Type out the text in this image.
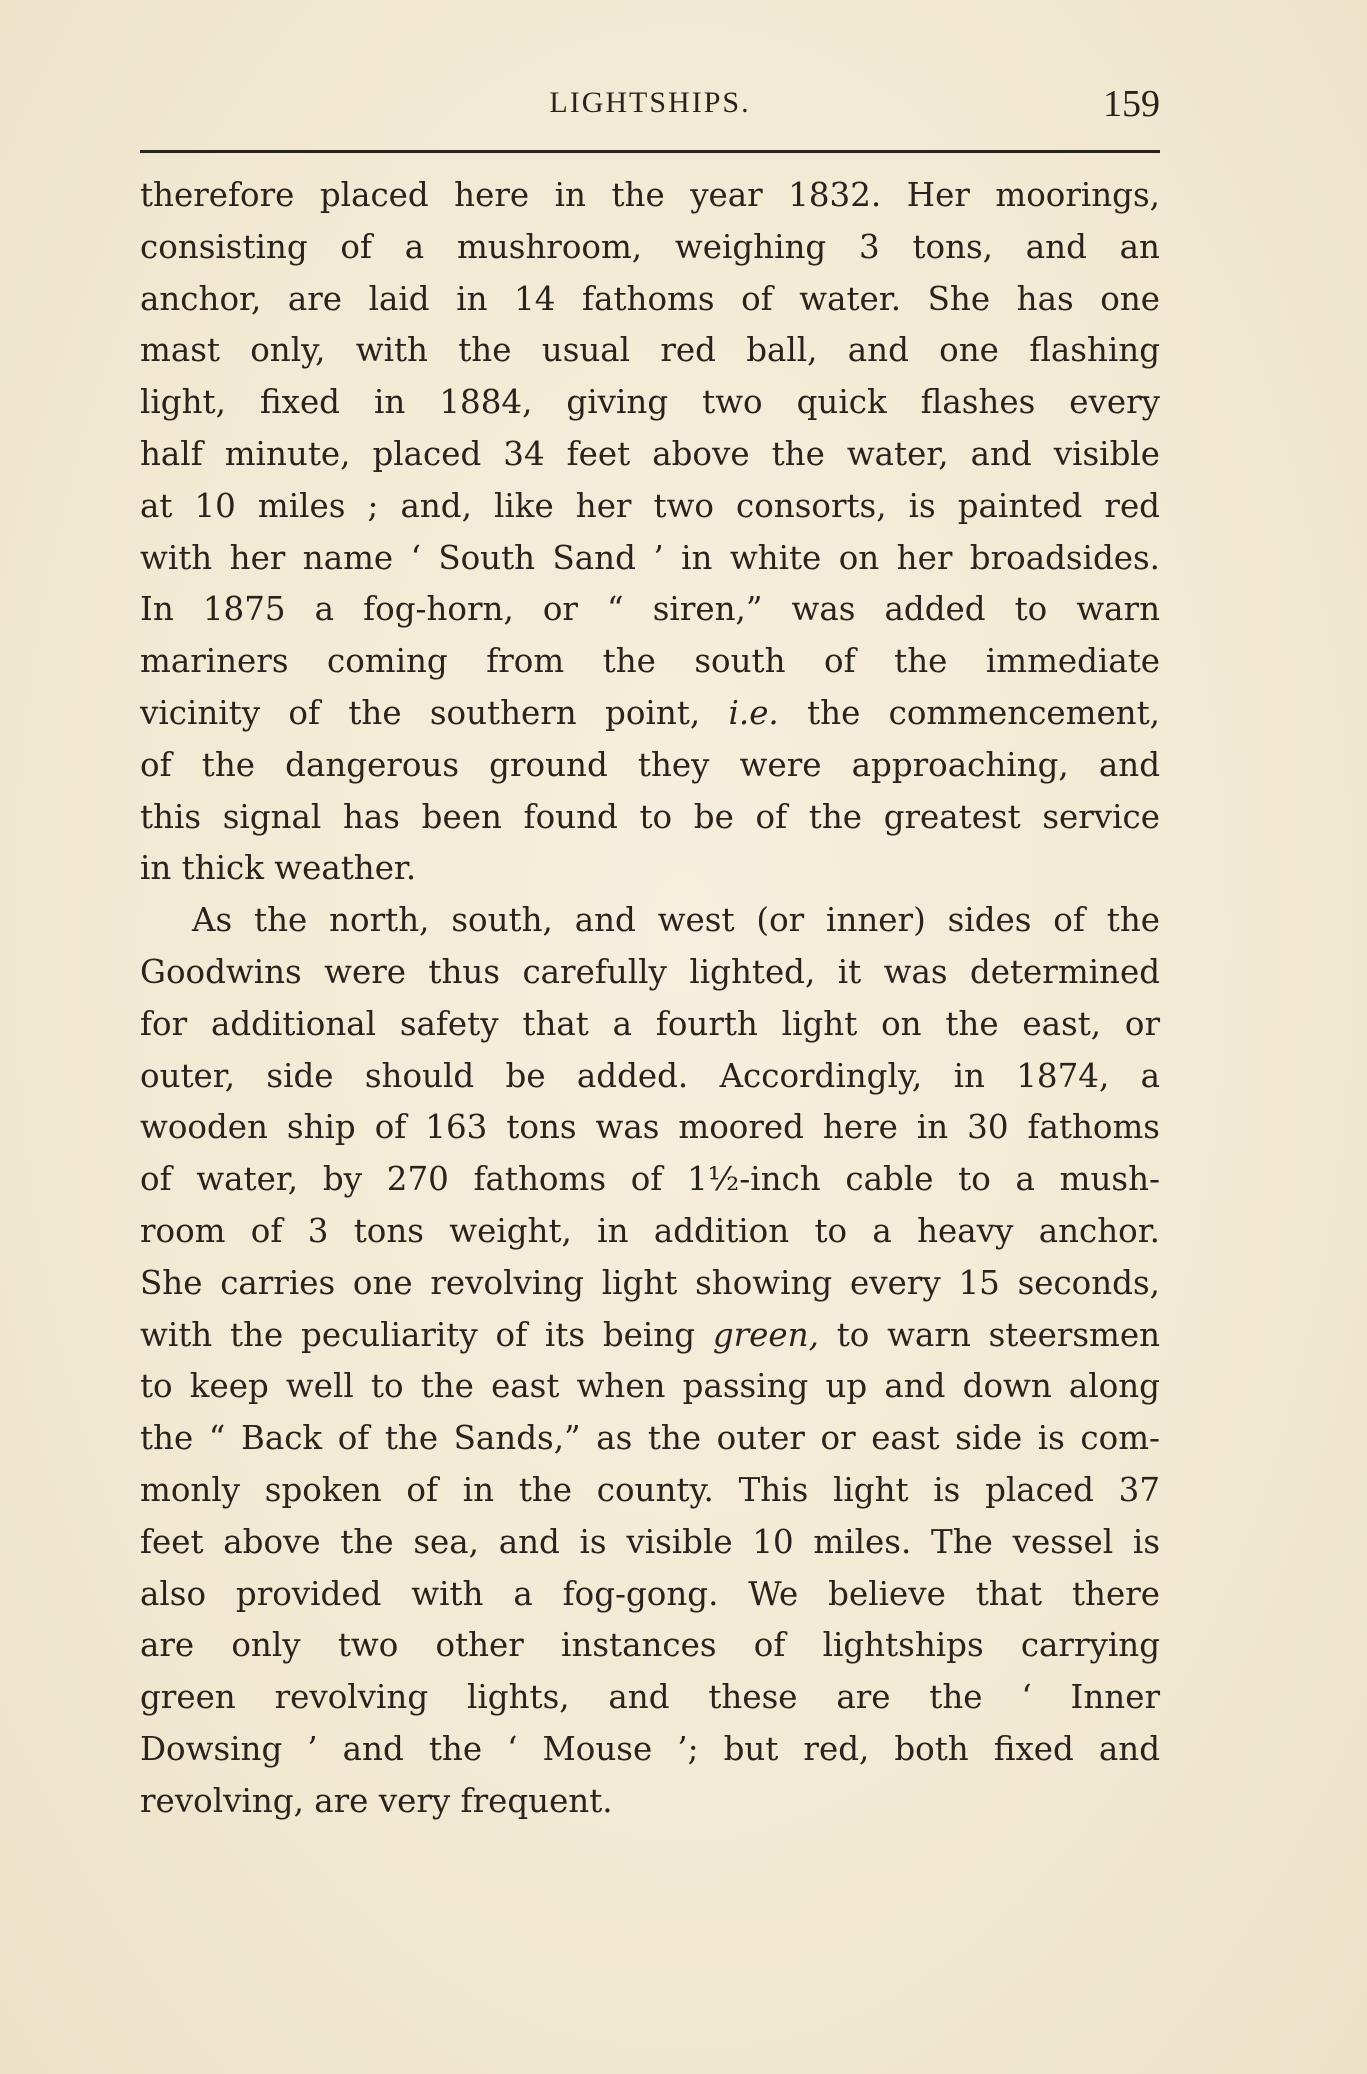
LIGHTSHIPS.	159

therefore placed here in the year 1832. Her moorings,
consisting of a mushroom, weighing 3 tons, and an
anchor, are laid in 14 fathoms of water. She has one
mast only, with the usual red ball, and one flashing
light, fixed in 1884, giving two quick flashes every
half minute, placed 34 feet above the water, and visible
at 10 miles ; and, like her two consorts, is painted red
with her name ‘ South Sand ’ in white on her broadsides.
In 1875 a fog-horn, or “ siren,” was added to warn
mariners coming from the south of the immediate
vicinity of the southern point, i.e. the commencement,
of the dangerous ground they were approaching, and
this signal has been found to be of the greatest service
in thick weather.

As the north, south, and west (or inner) sides of the
Goodwins were thus carefully lighted, it was determined
for additional safety that a fourth light on the east, or
outer, side should be added. Accordingly, in 1874, a
wooden ship of 163 tons was moored here in 30 fathoms
of water, by 270 fathoms of 1½-inch cable to a mush-
room of 3 tons weight, in addition to a heavy anchor.
She carries one revolving light showing every 15 seconds,
with the peculiarity of its being green, to warn steersmen
to keep well to the east when passing up and down along
the “ Back of the Sands,” as the outer or east side is com-
monly spoken of in the county. This light is placed 37
feet above the sea, and is visible 10 miles. The vessel is
also provided with a fog-gong. We believe that there
are only two other instances of lightships carrying
green revolving lights, and these are the ‘ Inner
Dowsing ’ and the ‘ Mouse ’; but red, both fixed and
revolving, are very frequent.
